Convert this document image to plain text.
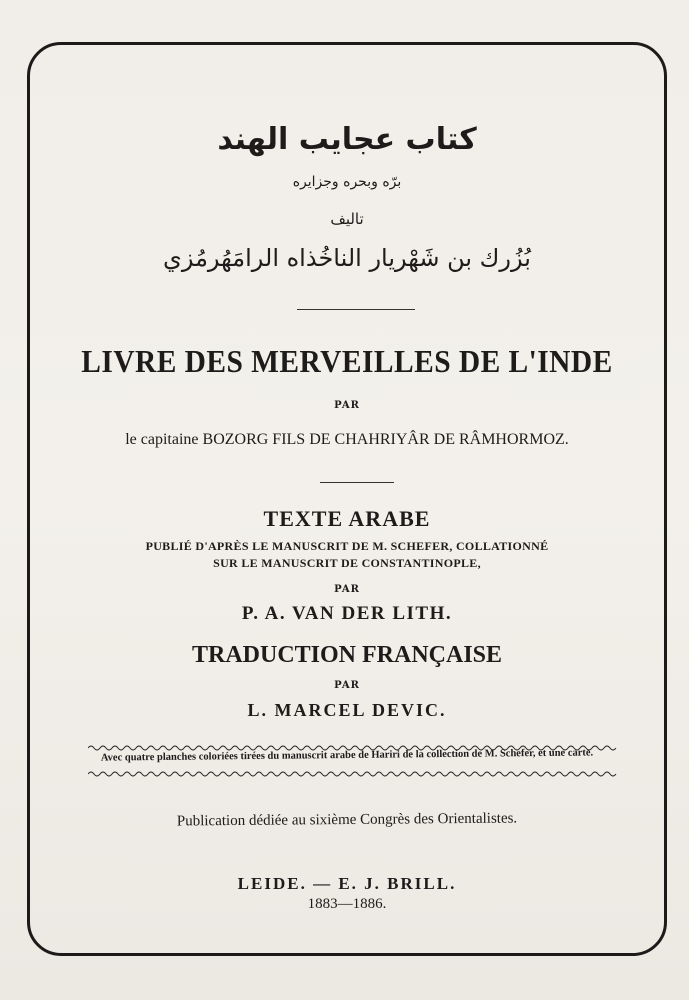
كتاب عجايب الهند

برّه وبحره وجزايره

تاليف

بُزُرك بن شَهْريار الناخُذاه الرامَهُرمُزي

LIVRE DES MERVEILLES DE L'INDE

PAR

le capitaine BOZORG FILS DE CHAHRIYÂR DE RÂMHORMOZ.

TEXTE ARABE

PUBLIÉ D'APRÈS LE MANUSCRIT DE M. SCHEFER, COLLATIONNÉ

SUR LE MANUSCRIT DE CONSTANTINOPLE,

PAR

P. A. VAN DER LITH.

TRADUCTION FRANÇAISE

PAR

L. MARCEL DEVIC.

Avec quatre planches coloriées tirées du manuscrit arabe de Hariri de la collection de M. Schefer, et une carte.

Publication dédiée au sixième Congrès des Orientalistes.

LEIDE. — E. J. BRILL.

1883—1886.
